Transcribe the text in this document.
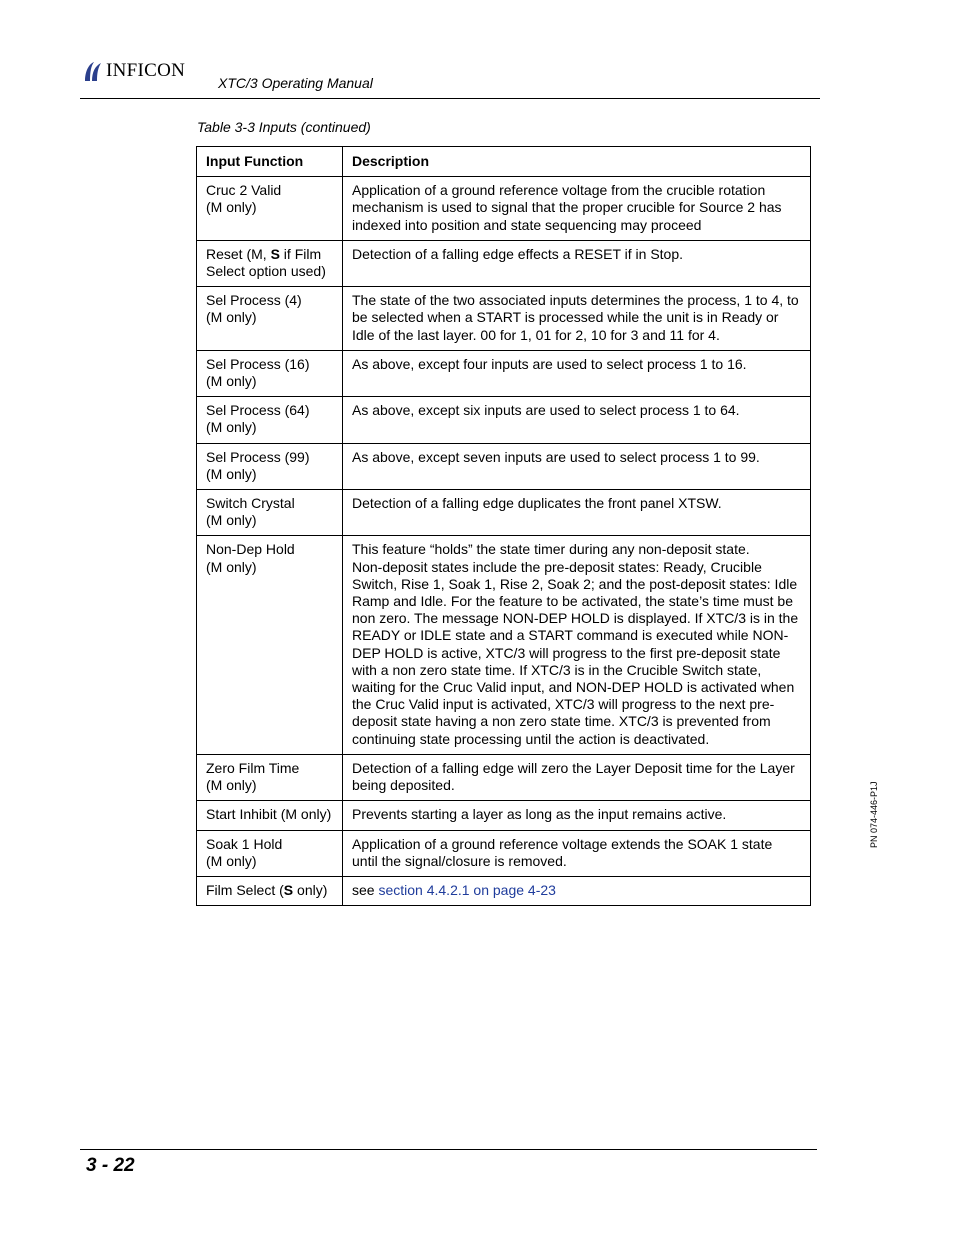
INFICON
XTC/3 Operating Manual
Table 3-3 Inputs (continued)
Input Function	Description
Cruc 2 Valid
(M only)	Application of a ground reference voltage from the crucible rotation mechanism is used to signal that the proper crucible for Source 2 has indexed into position and state sequencing may proceed
Reset (M, S if Film Select option used)	Detection of a falling edge effects a RESET if in Stop.
Sel Process (4)
(M only)	The state of the two associated inputs determines the process, 1 to 4, to be selected when a START is processed while the unit is in Ready or Idle of the last layer. 00 for 1, 01 for 2, 10 for 3 and 11 for 4.
Sel Process (16)
(M only)	As above, except four inputs are used to select process 1 to 16.
Sel Process (64)
(M only)	As above, except six inputs are used to select process 1 to 64.
Sel Process (99)
(M only)	As above, except seven inputs are used to select process 1 to 99.
Switch Crystal
(M only)	Detection of a falling edge duplicates the front panel XTSW.
Non-Dep Hold
(M only)	This feature “holds” the state timer during any non-deposit state.
Non-deposit states include the pre-deposit states: Ready, Crucible Switch, Rise 1, Soak 1, Rise 2, Soak 2; and the post-deposit states: Idle Ramp and Idle. For the feature to be activated, the state’s time must be non zero. The message NON-DEP HOLD is displayed. If XTC/3 is in the READY or IDLE state and a START command is executed while NON-DEP HOLD is active, XTC/3 will progress to the first pre-deposit state with a non zero state time. If XTC/3 is in the Crucible Switch state, waiting for the Cruc Valid input, and NON-DEP HOLD is activated when the Cruc Valid input is activated, XTC/3 will progress to the next pre-deposit state having a non zero state time. XTC/3 is prevented from continuing state processing until the action is deactivated.
Zero Film Time
(M only)	Detection of a falling edge will zero the Layer Deposit time for the Layer being deposited.
Start Inhibit (M only)	Prevents starting a layer as long as the input remains active.
Soak 1 Hold
(M only)	Application of a ground reference voltage extends the SOAK 1 state until the signal/closure is removed.
Film Select (S only)	see section 4.4.2.1 on page 4-23
PN 074-446-P1J
3 - 22
